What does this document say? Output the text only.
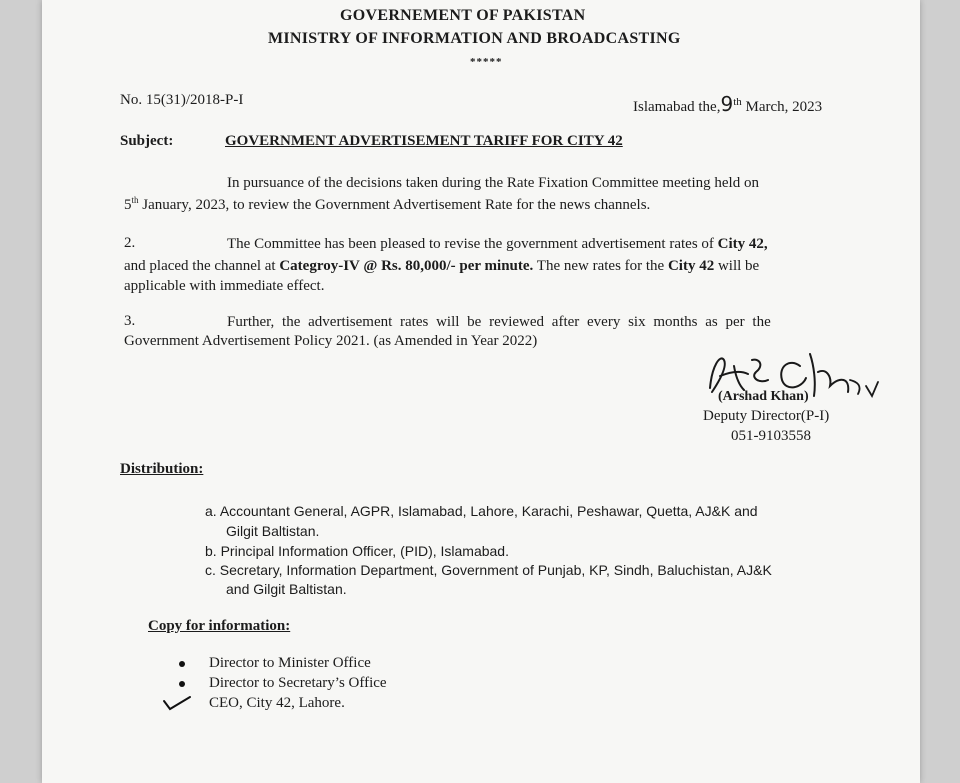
GOVERNEMENT OF PAKISTAN
MINISTRY OF INFORMATION AND BROADCASTING
*****
No. 15(31)/2018-P-I	Islamabad the,9th March, 2023
Subject:	GOVERNMENT ADVERTISEMENT TARIFF FOR CITY 42
In pursuance of the decisions taken during the Rate Fixation Committee meeting held on
5th January, 2023, to review the Government Advertisement Rate for the news channels.
2.	The Committee has been pleased to revise the government advertisement rates of City 42,
and placed the channel at Categroy-IV @ Rs. 80,000/- per minute. The new rates for the City 42 will be
applicable with immediate effect.
3.	Further, the advertisement rates will be reviewed after every six months as per the
Government Advertisement Policy 2021. (as Amended in Year 2022)
(Arshad Khan)
Deputy Director(P-I)
051-9103558
Distribution:
a. Accountant General, AGPR, Islamabad, Lahore, Karachi, Peshawar, Quetta, AJ&K and
Gilgit Baltistan.
b. Principal Information Officer, (PID), Islamabad.
c. Secretary, Information Department, Government of Punjab, KP, Sindh, Baluchistan, AJ&K
and Gilgit Baltistan.
Copy for information:
Director to Minister Office
Director to Secretary’s Office
CEO, City 42, Lahore.
